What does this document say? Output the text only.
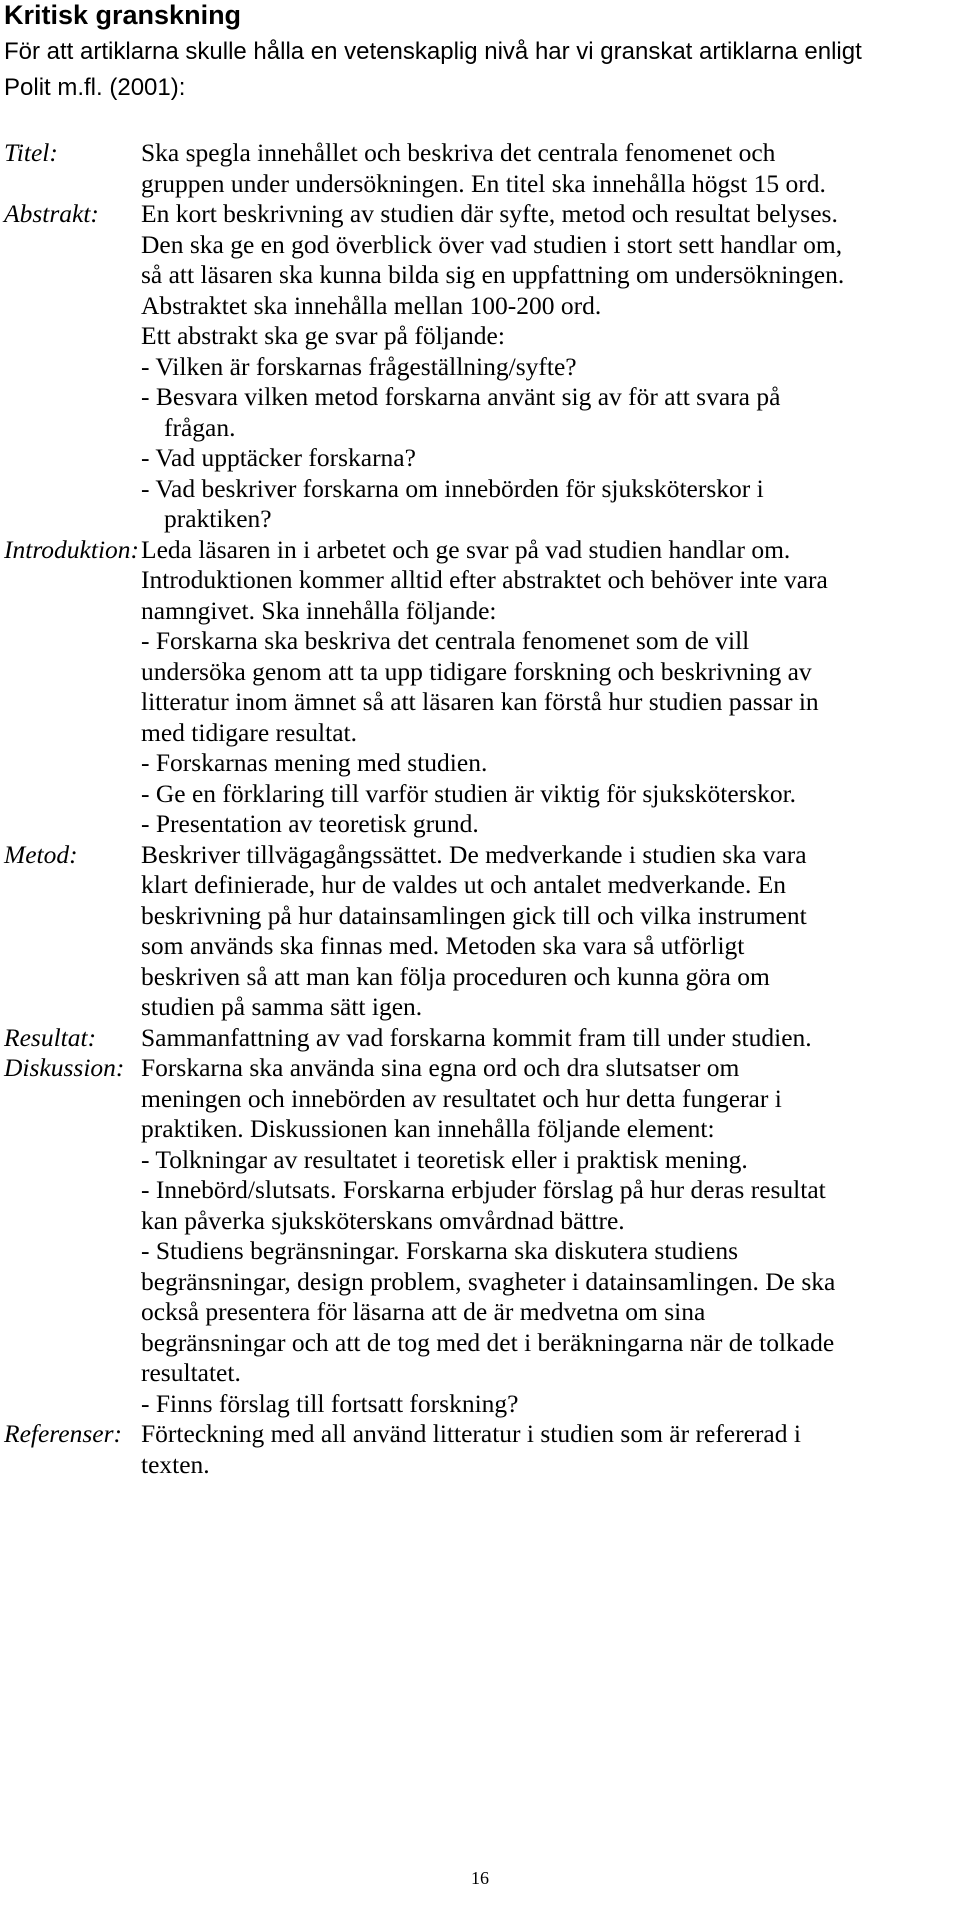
Kritisk granskning
För att artiklarna skulle hålla en vetenskaplig nivå har vi granskat artiklarna enligt
Polit m.fl. (2001):
Titel:	Ska spegla innehållet och beskriva det centrala fenomenet och
gruppen under undersökningen. En titel ska innehålla högst 15 ord.
Abstrakt: En kort beskrivning av studien där syfte, metod och resultat belyses.
Den ska ge en god överblick över vad studien i stort sett handlar om,
så att läsaren ska kunna bilda sig en uppfattning om undersökningen.
Abstraktet ska innehålla mellan 100-200 ord.
Ett abstrakt ska ge svar på följande:
- Vilken är forskarnas frågeställning/syfte?
- Besvara vilken metod forskarna använt sig av för att svara på
frågan.
- Vad upptäcker forskarna?
- Vad beskriver forskarna om innebörden för sjuksköterskor i
praktiken?
Introduktion: Leda läsaren in i arbetet och ge svar på vad studien handlar om.
Introduktionen kommer alltid efter abstraktet och behöver inte vara
namngivet. Ska innehålla följande:
- Forskarna ska beskriva det centrala fenomenet som de vill
undersöka genom att ta upp tidigare forskning och beskrivning av
litteratur inom ämnet så att läsaren kan förstå hur studien passar in
med tidigare resultat.
- Forskarnas mening med studien.
- Ge en förklaring till varför studien är viktig för sjuksköterskor.
- Presentation av teoretisk grund.
Metod: Beskriver tillvägagångssättet. De medverkande i studien ska vara
klart definierade, hur de valdes ut och antalet medverkande. En
beskrivning på hur datainsamlingen gick till och vilka instrument
som används ska finnas med. Metoden ska vara så utförligt
beskriven så att man kan följa proceduren och kunna göra om
studien på samma sätt igen.
Resultat: Sammanfattning av vad forskarna kommit fram till under studien.
Diskussion: Forskarna ska använda sina egna ord och dra slutsatser om
meningen och innebörden av resultatet och hur detta fungerar i
praktiken. Diskussionen kan innehålla följande element:
- Tolkningar av resultatet i teoretisk eller i praktisk mening.
- Innebörd/slutsats. Forskarna erbjuder förslag på hur deras resultat
kan påverka sjuksköterskans omvårdnad bättre.
- Studiens begränsningar. Forskarna ska diskutera studiens
begränsningar, design problem, svagheter i datainsamlingen. De ska
också presentera för läsarna att de är medvetna om sina
begränsningar och att de tog med det i beräkningarna när de tolkade
resultatet.
- Finns förslag till fortsatt forskning?
Referenser: Förteckning med all använd litteratur i studien som är refererad i
texten.
16
